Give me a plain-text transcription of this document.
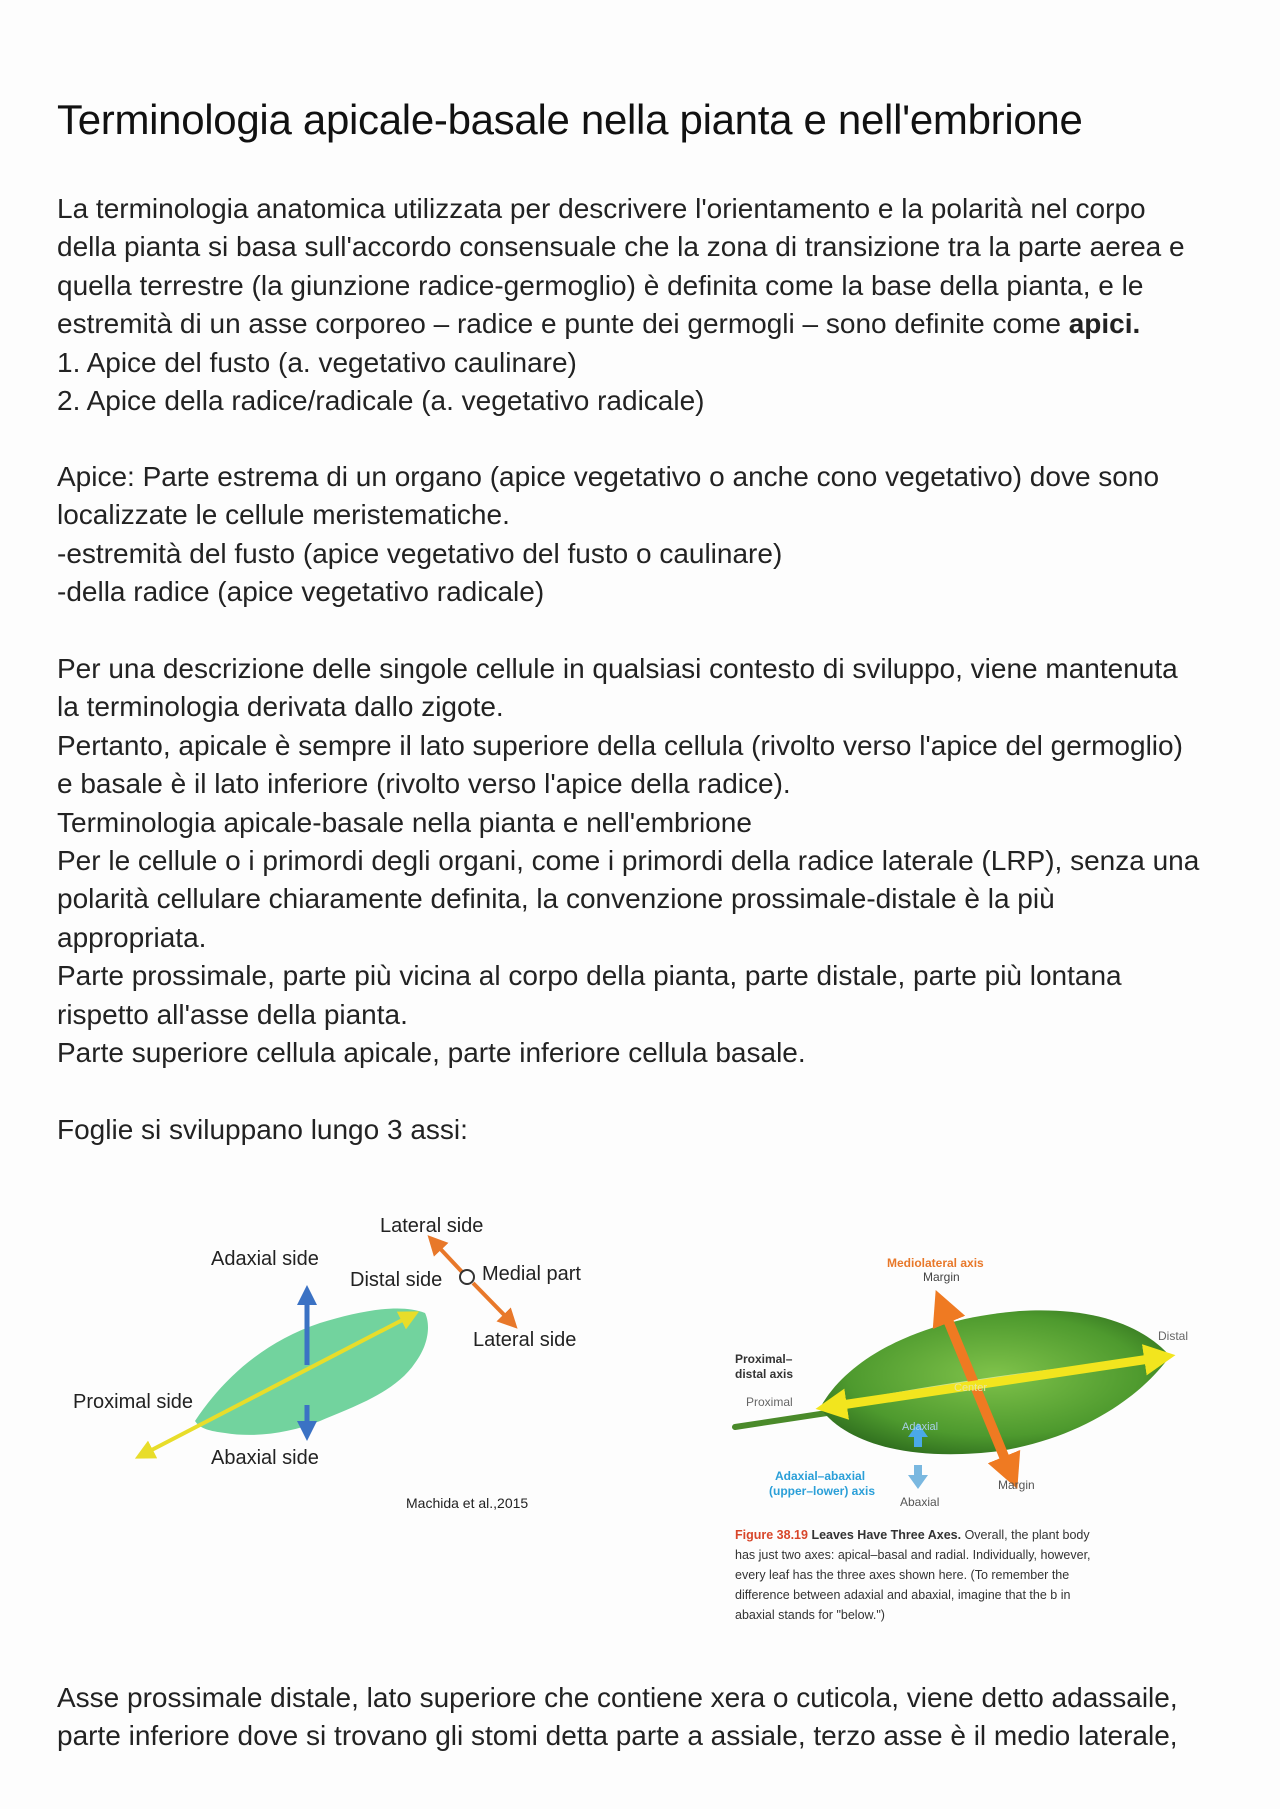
Terminologia apicale-basale nella pianta e nell'embrione
La terminologia anatomica utilizzata per descrivere l'orientamento e la polarità nel corpo
della pianta si basa sull'accordo consensuale che la zona di transizione tra la parte aerea e
quella terrestre (la giunzione radice-germoglio) è definita come la base della pianta, e le
estremità di un asse corporeo – radice e punte dei germogli – sono definite come apici.
1. Apice del fusto (a. vegetativo caulinare)
2. Apice della radice/radicale (a. vegetativo radicale)
Apice: Parte estrema di un organo (apice vegetativo o anche cono vegetativo) dove sono
localizzate le cellule meristematiche.
-estremità del fusto (apice vegetativo del fusto o caulinare)
-della radice (apice vegetativo radicale)
Per una descrizione delle singole cellule in qualsiasi contesto di sviluppo, viene mantenuta
la terminologia derivata dallo zigote.
Pertanto, apicale è sempre il lato superiore della cellula (rivolto verso l'apice del germoglio)
e basale è il lato inferiore (rivolto verso l'apice della radice).
Terminologia apicale-basale nella pianta e nell'embrione
Per le cellule o i primordi degli organi, come i primordi della radice laterale (LRP), senza una
polarità cellulare chiaramente definita, la convenzione prossimale-distale è la più
appropriata.
Parte prossimale, parte più vicina al corpo della pianta, parte distale, parte più lontana
rispetto all'asse della pianta.
Parte superiore cellula apicale, parte inferiore cellula basale.
Foglie si sviluppano lungo 3 assi:
Lateral side
Adaxial side
Distal side Medial part
Lateral side
Proximal side
Abaxial side
Machida et al.,2015
Mediolateral axis
Margin
Distal
Proximal–
distal axis
Proximal
Center
Adaxial
Adaxial–abaxial
(upper–lower) axis
Abaxial
Margin
Figure 38.19 Leaves Have Three Axes. Overall, the plant body
has just two axes: apical–basal and radial. Individually, however,
every leaf has the three axes shown here. (To remember the
difference between adaxial and abaxial, imagine that the b in
abaxial stands for "below.")
Asse prossimale distale, lato superiore che contiene xera o cuticola, viene detto adassaile,
parte inferiore dove si trovano gli stomi detta parte a assiale, terzo asse è il medio laterale,
